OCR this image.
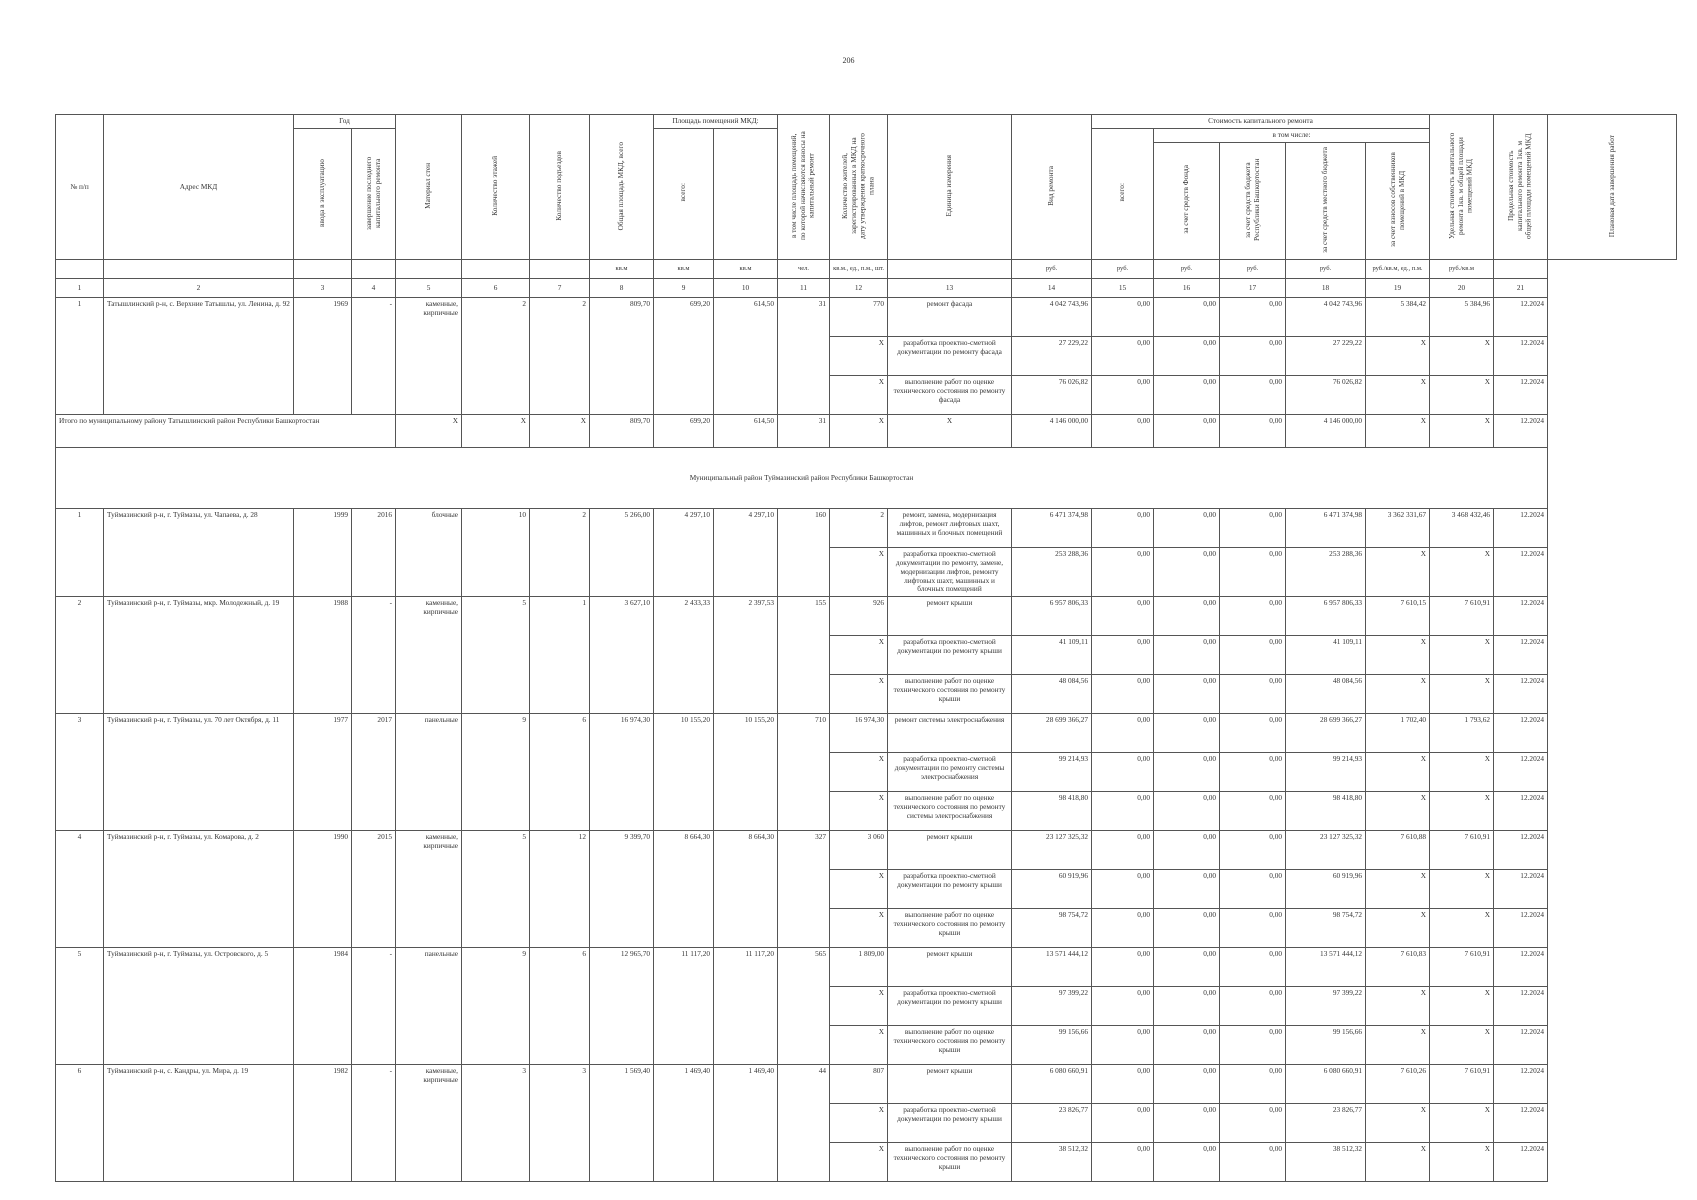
206
№ п/п	Адрес МКД	Год		Материал стен	Количество этажей	Количество подъездов	Общая площадь МКД, всего	Площадь помещений МКД:		в том числе площадь помещений, по которой начисляются взносы на капитальный ремонт	Количество жителей, зарегистрированных в МКД на дату утверждения краткосрочного плана	Единица измерения	Вид ремонта	Стоимость капитального ремонта					Удельная стоимость капитального ремонта 1кв. м общей площади помещений МКД	Предельная стоимость капитального ремонта 1кв. м общей площади помещений МКД	Плановая дата завершения работ
		ввода в эксплуатацию	завершение последнего капитального ремонта					всего:						всего:	в том числе:						
															за счет средств Фонда	за счет средств бюджета Республики Башкортостан	за счет средств местного бюджета	за счет взносов собственников помещений в МКД			
							кв.м	кв.м	кв.м	чел.	кв.м., ед., п.м., шт.		руб.	руб.	руб.	руб.	руб.	руб./кв.м, ед., п.м.	руб./кв.м		
1	2	3	4	5	6	7	8	9	10	11	12	13	14	15	16	17	18	19	20	21	
1	Татышлинский р-н, с. Верхние Татышлы, ул. Ленина, д. 92	1969	-	каменные, кирпичные	2	2	809,70	699,20	614,50	31	770	ремонт фасада	4 042 743,96	0,00	0,00	0,00	4 042 743,96	5 384,42	5 384,96	12.2024	
											X	разработка проектно-сметной документации по ремонту фасада	27 229,22	0,00	0,00	0,00	27 229,22	X	X	12.2024	
											X	выполнение работ по оценке технического состояния по ремонту фасада	76 026,82	0,00	0,00	0,00	76 026,82	X	X	12.2024	
Итого по муниципальному району Татышлинский район Республики Башкортостан				X	X	X	809,70	699,20	614,50	31	X	X	4 146 000,00	0,00	0,00	0,00	4 146 000,00	X	X	12.2024	
Муниципальный район Туймазинский район Республики Башкортостан																					
1	Туймазинский р-н, г. Туймазы, ул. Чапаева, д. 28	1999	2016	блочные	10	2	5 266,00	4 297,10	4 297,10	160	2	ремонт, замена, модернизация лифтов, ремонт лифтовых шахт, машинных и блочных помещений	6 471 374,98	0,00	0,00	0,00	6 471 374,98	3 362 331,67	3 468 432,46	12.2024	
											X	разработка проектно-сметной документации по ремонту, замене, модернизации лифтов, ремонту лифтовых шахт, машинных и блочных помещений	253 288,36	0,00	0,00	0,00	253 288,36	X	X	12.2024	
2	Туймазинский р-н, г. Туймазы, мкр. Молодежный, д. 19	1988	-	каменные, кирпичные	5	1	3 627,10	2 433,33	2 397,53	155	926	ремонт крыши	6 957 806,33	0,00	0,00	0,00	6 957 806,33	7 610,15	7 610,91	12.2024	
											X	разработка проектно-сметной документации по ремонту крыши	41 109,11	0,00	0,00	0,00	41 109,11	X	X	12.2024	
											X	выполнение работ по оценке технического состояния по ремонту крыши	48 084,56	0,00	0,00	0,00	48 084,56	X	X	12.2024	
3	Туймазинский р-н, г. Туймазы, ул. 70 лет Октября, д. 11	1977	2017	панельные	9	6	16 974,30	10 155,20	10 155,20	710	16 974,30	ремонт системы электроснабжения	28 699 366,27	0,00	0,00	0,00	28 699 366,27	1 702,40	1 793,62	12.2024	
											X	разработка проектно-сметной документации по ремонту системы электроснабжения	99 214,93	0,00	0,00	0,00	99 214,93	X	X	12.2024	
											X	выполнение работ по оценке технического состояния по ремонту системы электроснабжения	98 418,80	0,00	0,00	0,00	98 418,80	X	X	12.2024	
4	Туймазинский р-н, г. Туймазы, ул. Комарова, д. 2	1990	2015	каменные, кирпичные	5	12	9 399,70	8 664,30	8 664,30	327	3 060	ремонт крыши	23 127 325,32	0,00	0,00	0,00	23 127 325,32	7 610,88	7 610,91	12.2024	
											X	разработка проектно-сметной документации по ремонту крыши	60 919,96	0,00	0,00	0,00	60 919,96	X	X	12.2024	
											X	выполнение работ по оценке технического состояния по ремонту крыши	98 754,72	0,00	0,00	0,00	98 754,72	X	X	12.2024	
5	Туймазинский р-н, г. Туймазы, ул. Островского, д. 5	1984	-	панельные	9	6	12 965,70	11 117,20	11 117,20	565	1 809,00	ремонт крыши	13 571 444,12	0,00	0,00	0,00	13 571 444,12	7 610,83	7 610,91	12.2024	
											X	разработка проектно-сметной документации по ремонту крыши	97 399,22	0,00	0,00	0,00	97 399,22	X	X	12.2024	
											X	выполнение работ по оценке технического состояния по ремонту крыши	99 156,66	0,00	0,00	0,00	99 156,66	X	X	12.2024	
6	Туймазинский р-н, с. Кандры, ул. Мира, д. 19	1982	-	каменные, кирпичные	3	3	1 569,40	1 469,40	1 469,40	44	807	ремонт крыши	6 080 660,91	0,00	0,00	0,00	6 080 660,91	7 610,26	7 610,91	12.2024	
											X	разработка проектно-сметной документации по ремонту крыши	23 826,77	0,00	0,00	0,00	23 826,77	X	X	12.2024	
											X	выполнение работ по оценке технического состояния по ремонту крыши	38 512,32	0,00	0,00	0,00	38 512,32	X	X	12.2024	
